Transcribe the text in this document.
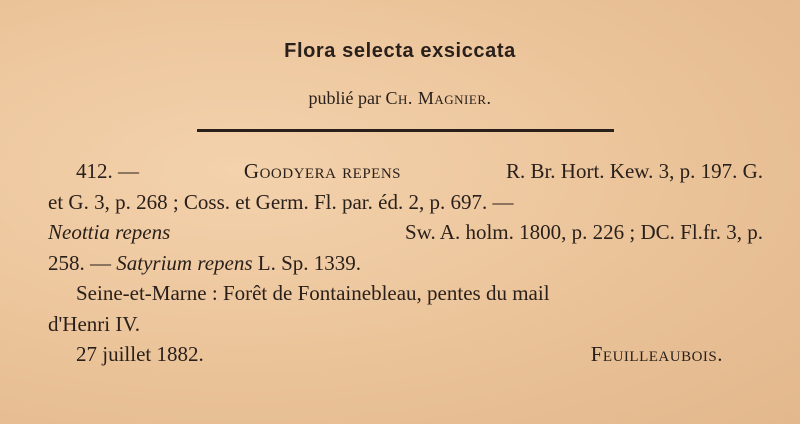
Flora selecta exsiccata
publié par Ch. Magnier.
412. —	Goodyera repens	R. Br. Hort. Kew. 3, p. 197. G.
et G. 3, p. 268 ; Coss. et Germ. Fl. par. éd. 2, p. 697. —
Neottia repens	Sw. A. holm. 1800, p. 226 ; DC. Fl.fr. 3, p.
258. — Satyrium repens L. Sp. 1339.
Seine-et-Marne : Forêt de Fontainebleau, pentes du mail
d'Henri IV.
27 juillet 1882.	Feuilleaubois.
